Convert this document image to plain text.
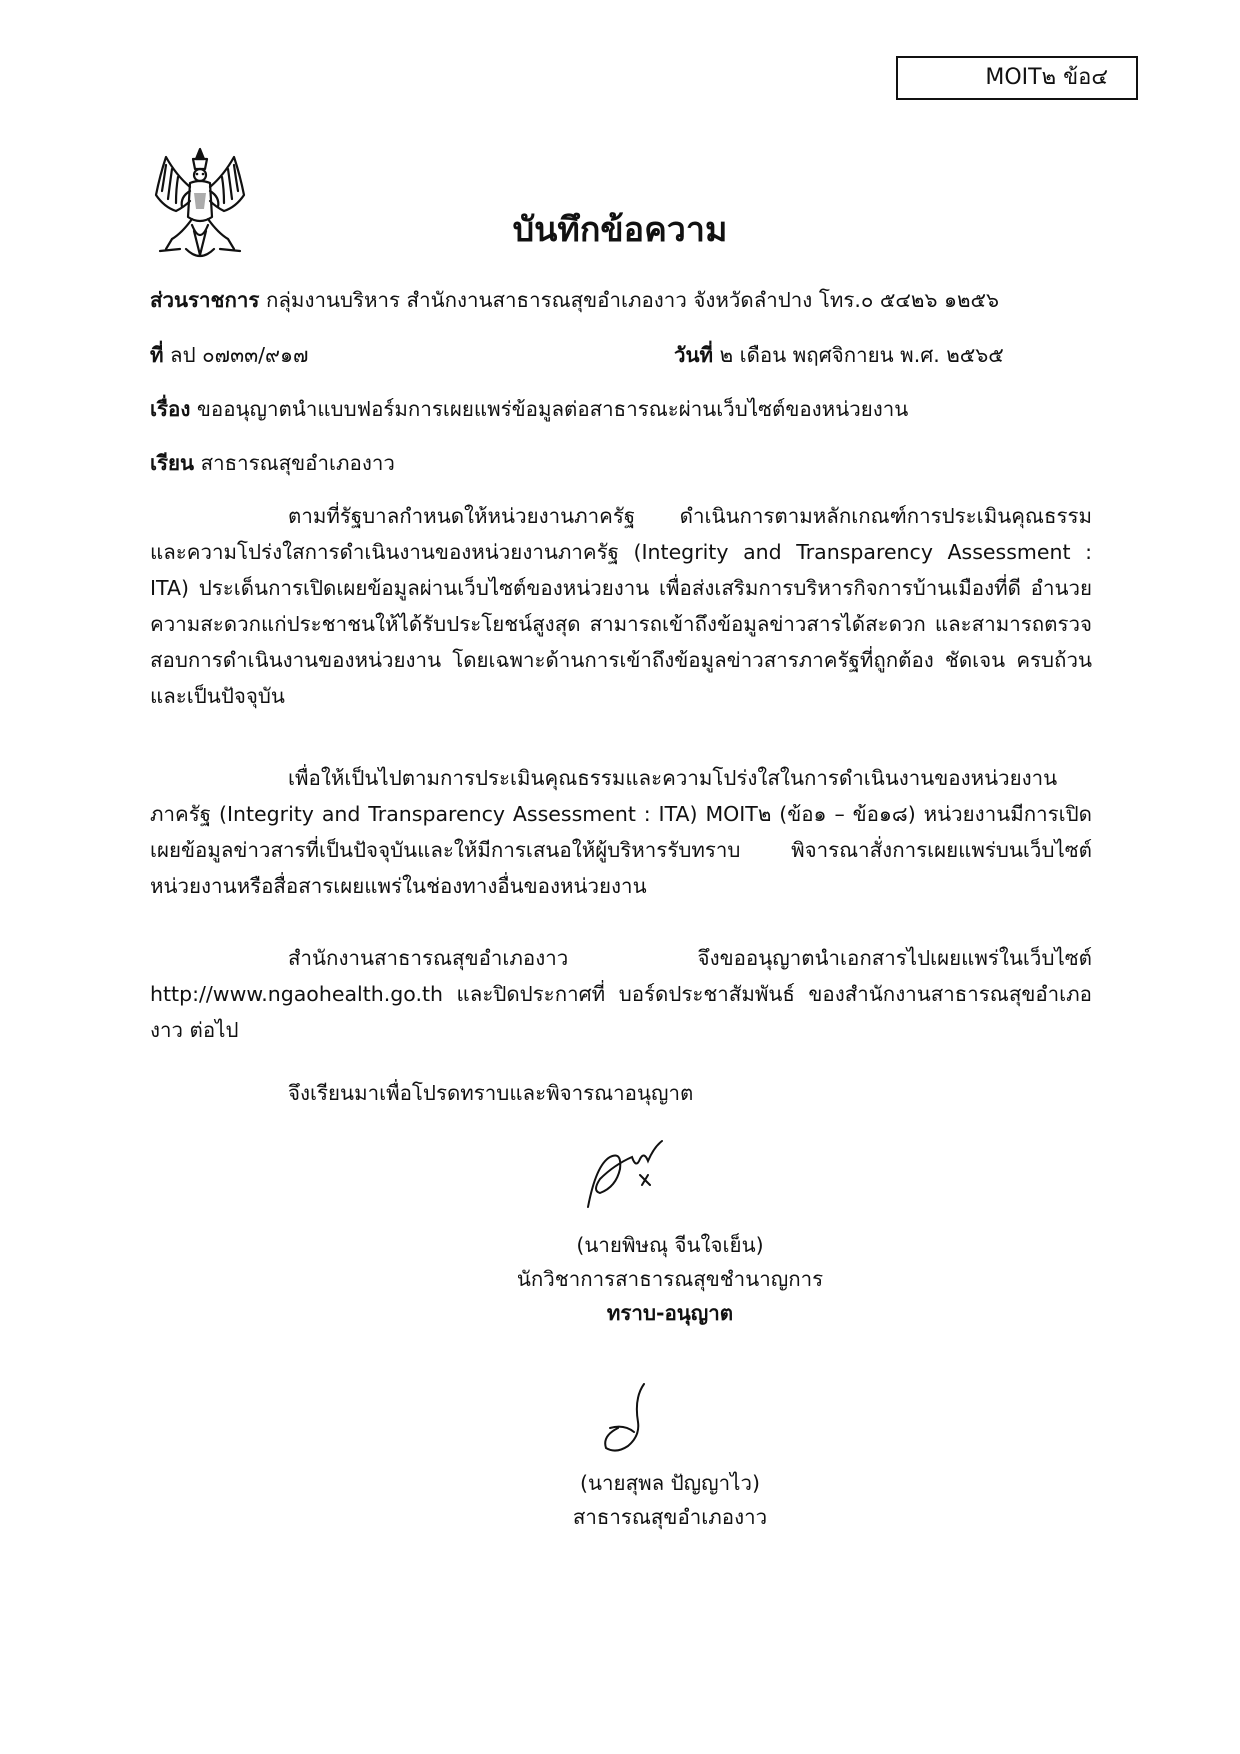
MOIT๒ ข้อ๔
บันทึกข้อความ
ส่วนราชการ กลุ่มงานบริหาร สำนักงานสาธารณสุขอำเภองาว จังหวัดลำปาง โทร.๐ ๕๔๒๖ ๑๒๕๖
ที่ ลป ๐๗๓๓/๙๑๗	วันที่ ๒ เดือน พฤศจิกายน พ.ศ. ๒๕๖๕
เรื่อง ขออนุญาตนำแบบฟอร์มการเผยแพร่ข้อมูลต่อสาธารณะผ่านเว็บไซต์ของหน่วยงาน
เรียน สาธารณสุขอำเภองาว

ตามที่รัฐบาลกำหนดให้หน่วยงานภาครัฐ ดำเนินการตามหลักเกณฑ์การประเมินคุณธรรม และความโปร่งใสการดำเนินงานของหน่วยงานภาครัฐ (Integrity and Transparency Assessment : ITA) ประเด็นการเปิดเผยข้อมูลผ่านเว็บไซต์ของหน่วยงาน เพื่อส่งเสริมการบริหารกิจการบ้านเมืองที่ดี อำนวยความสะดวกแก่ประชาชนให้ได้รับประโยชน์สูงสุด สามารถเข้าถึงข้อมูลข่าวสารได้สะดวก และสามารถตรวจสอบการดำเนินงานของหน่วยงาน โดยเฉพาะด้านการเข้าถึงข้อมูลข่าวสารภาครัฐที่ถูกต้อง ชัดเจน ครบถ้วน และเป็นปัจจุบัน

เพื่อให้เป็นไปตามการประเมินคุณธรรมและความโปร่งใสในการดำเนินงานของหน่วยงานภาครัฐ (Integrity and Transparency Assessment : ITA) MOIT๒ (ข้อ๑ – ข้อ๑๘) หน่วยงานมีการเปิดเผยข้อมูลข่าวสารที่เป็นปัจจุบันและให้มีการเสนอให้ผู้บริหารรับทราบ พิจารณาสั่งการเผยแพร่บนเว็บไซต์หน่วยงานหรือสื่อสารเผยแพร่ในช่องทางอื่นของหน่วยงาน

สำนักงานสาธารณสุขอำเภองาว จึงขออนุญาตนำเอกสารไปเผยแพร่ในเว็บไซต์ http://www.ngaohealth.go.th และปิดประกาศที่ บอร์ดประชาสัมพันธ์ ของสำนักงานสาธารณสุขอำเภองาว ต่อไป

จึงเรียนมาเพื่อโปรดทราบและพิจารณาอนุญาต
(นายพิษณุ จีนใจเย็น)
นักวิชาการสาธารณสุขชำนาญการ
ทราบ-อนุญาต
(นายสุพล ปัญญาไว)
สาธารณสุขอำเภองาว
